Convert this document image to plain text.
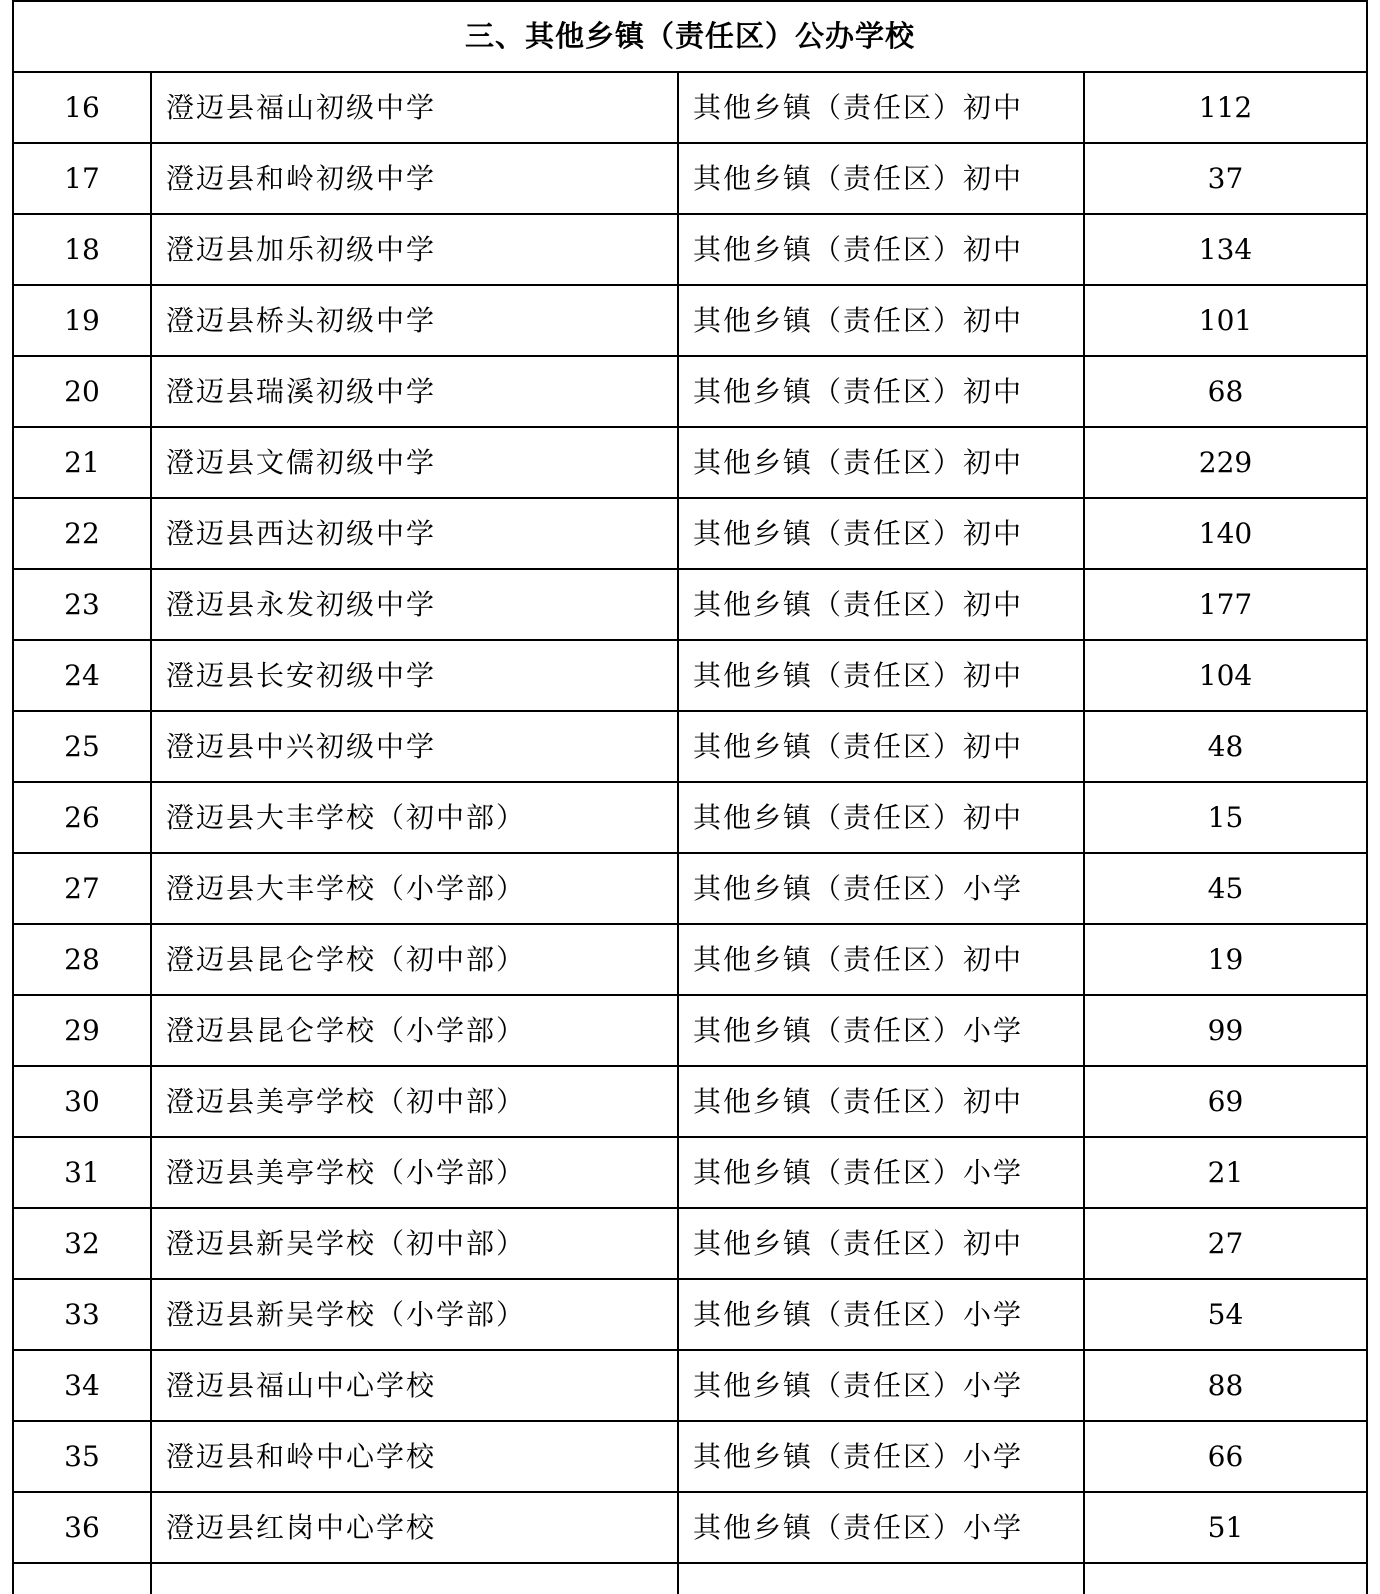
三、其他乡镇（责任区）公办学校			
16	澄迈县福山初级中学	其他乡镇（责任区）初中	112
17	澄迈县和岭初级中学	其他乡镇（责任区）初中	37
18	澄迈县加乐初级中学	其他乡镇（责任区）初中	134
19	澄迈县桥头初级中学	其他乡镇（责任区）初中	101
20	澄迈县瑞溪初级中学	其他乡镇（责任区）初中	68
21	澄迈县文儒初级中学	其他乡镇（责任区）初中	229
22	澄迈县西达初级中学	其他乡镇（责任区）初中	140
23	澄迈县永发初级中学	其他乡镇（责任区）初中	177
24	澄迈县长安初级中学	其他乡镇（责任区）初中	104
25	澄迈县中兴初级中学	其他乡镇（责任区）初中	48
26	澄迈县大丰学校（初中部）	其他乡镇（责任区）初中	15
27	澄迈县大丰学校（小学部）	其他乡镇（责任区）小学	45
28	澄迈县昆仑学校（初中部）	其他乡镇（责任区）初中	19
29	澄迈县昆仑学校（小学部）	其他乡镇（责任区）小学	99
30	澄迈县美亭学校（初中部）	其他乡镇（责任区）初中	69
31	澄迈县美亭学校（小学部）	其他乡镇（责任区）小学	21
32	澄迈县新吴学校（初中部）	其他乡镇（责任区）初中	27
33	澄迈县新吴学校（小学部）	其他乡镇（责任区）小学	54
34	澄迈县福山中心学校	其他乡镇（责任区）小学	88
35	澄迈县和岭中心学校	其他乡镇（责任区）小学	66
36	澄迈县红岗中心学校	其他乡镇（责任区）小学	51
